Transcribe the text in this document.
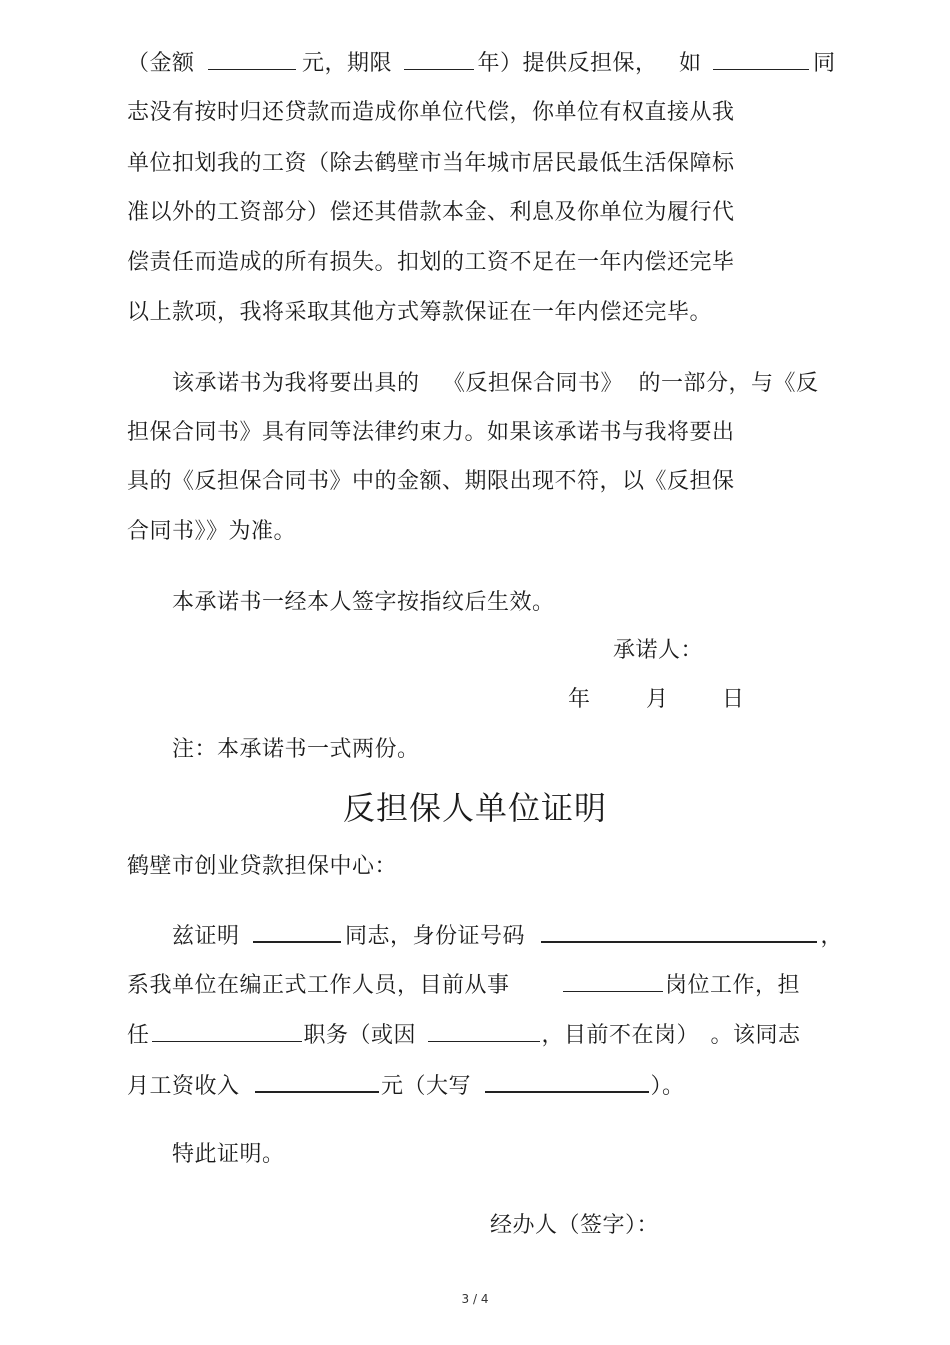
（金额	元，期限	年）提供反担保， 如	同
志没有按时归还贷款而造成你单位代偿，你单位有权直接从我
单位扣划我的工资（除去鹤壁市当年城市居民最低生活保障标
准以外的工资部分）偿还其借款本金、利息及你单位为履行代
偿责任而造成的所有损失。扣划的工资不足在一年内偿还完毕
以上款项，我将采取其他方式筹款保证在一年内偿还完毕。
该承诺书为我将要出具的 《反担保合同书》 的一部分，与《反
担保合同书》具有同等法律约束力。如果该承诺书与我将要出
具的《反担保合同书》中的金额、期限出现不符，以《反担保
合同书》》为准。
本承诺书一经本人签字按指纹后生效。
承诺人：
年	月 日
注：本承诺书一式两份。
反担保人单位证明
鹤壁市创业贷款担保中心：
兹证明	同志，身份证号码	，
系我单位在编正式工作人员，目前从事	岗位工作，担
任	职务（或因	，目前不在岗） 。该同志
月工资收入	元（大写	）。
特此证明。
经办人（签字）：
3 / 4
